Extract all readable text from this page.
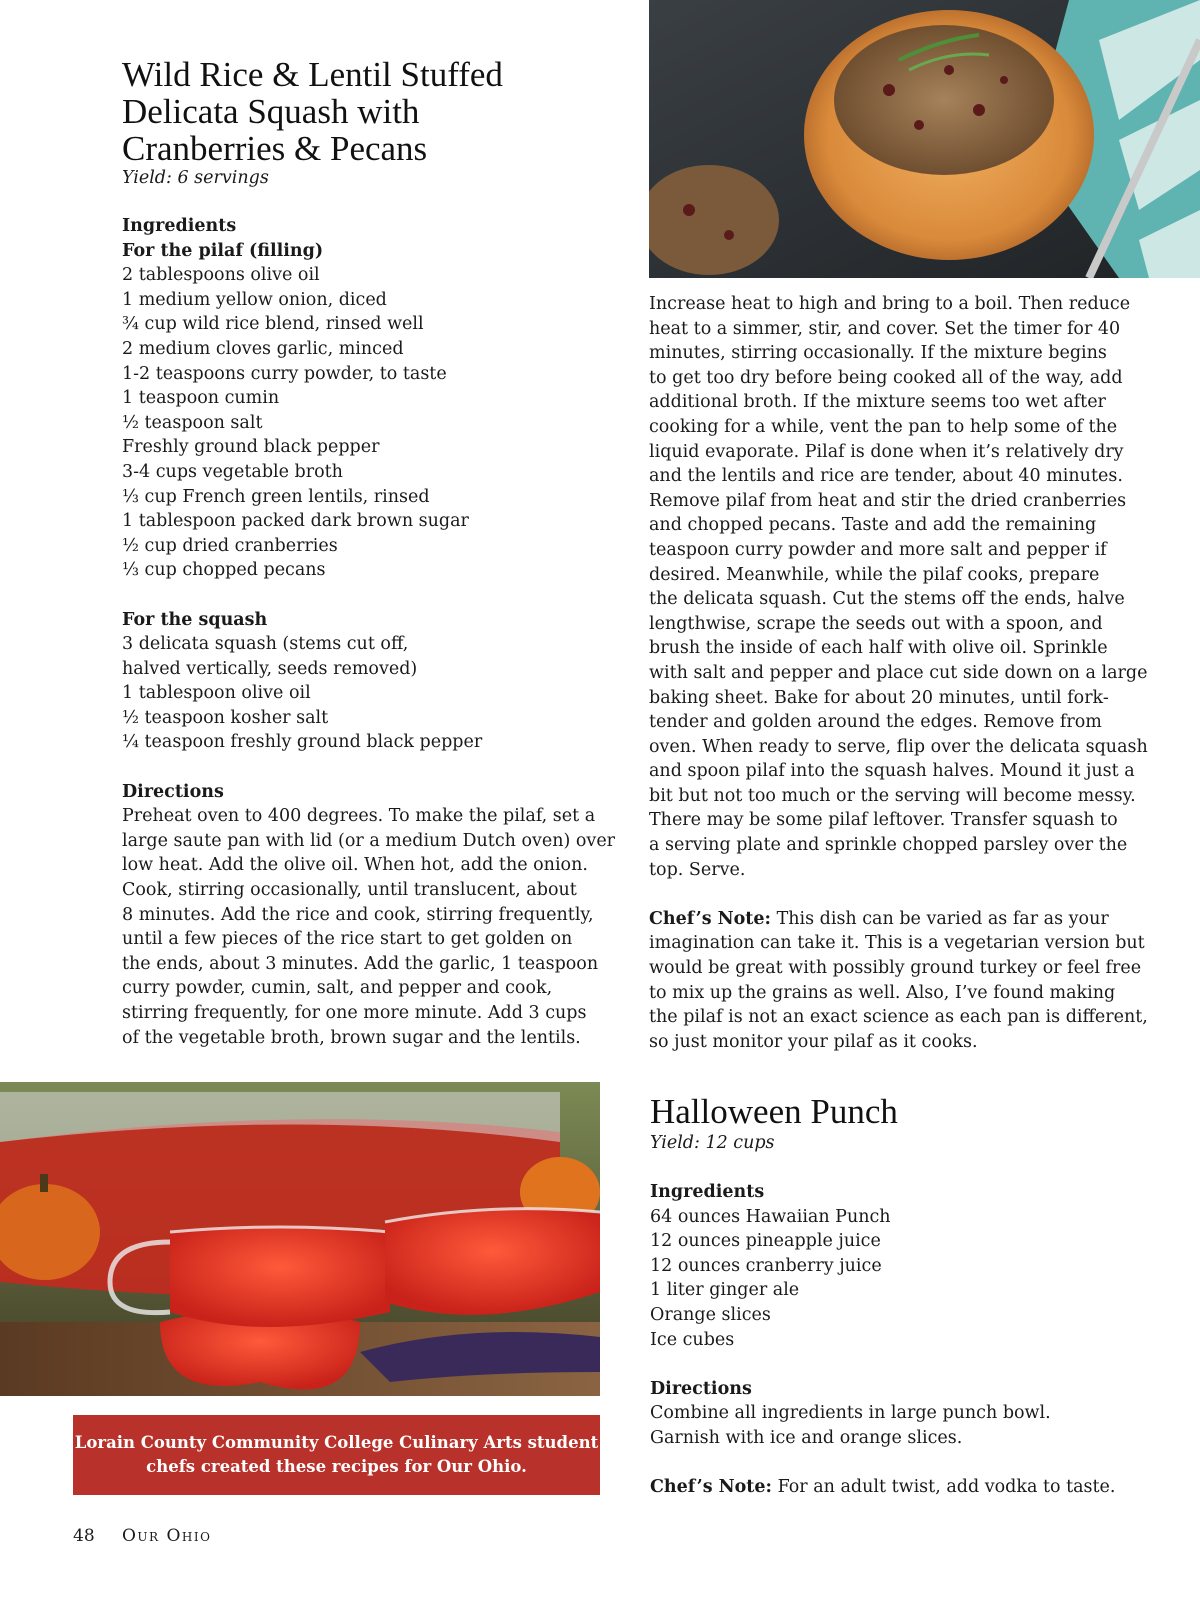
Wild Rice & Lentil Stuffed
Delicata Squash with
Cranberries & Pecans
Yield: 6 servings
Ingredients
For the pilaf (filling)
2 tablespoons olive oil
1 medium yellow onion, diced
¾ cup wild rice blend, rinsed well
2 medium cloves garlic, minced
1-2 teaspoons curry powder, to taste
1 teaspoon cumin
½ teaspoon salt
Freshly ground black pepper
3-4 cups vegetable broth
⅓ cup French green lentils, rinsed
1 tablespoon packed dark brown sugar
½ cup dried cranberries
⅓ cup chopped pecans
For the squash
3 delicata squash (stems cut off,
halved vertically, seeds removed)
1 tablespoon olive oil
½ teaspoon kosher salt
¼ teaspoon freshly ground black pepper
Directions
Preheat oven to 400 degrees. To make the pilaf, set a
large saute pan with lid (or a medium Dutch oven) over
low heat. Add the olive oil. When hot, add the onion.
Cook, stirring occasionally, until translucent, about
8 minutes. Add the rice and cook, stirring frequently,
until a few pieces of the rice start to get golden on
the ends, about 3 minutes. Add the garlic, 1 teaspoon
curry powder, cumin, salt, and pepper and cook,
stirring frequently, for one more minute. Add 3 cups
of the vegetable broth, brown sugar and the lentils.
Increase heat to high and bring to a boil. Then reduce
heat to a simmer, stir, and cover. Set the timer for 40
minutes, stirring occasionally. If the mixture begins
to get too dry before being cooked all of the way, add
additional broth. If the mixture seems too wet after
cooking for a while, vent the pan to help some of the
liquid evaporate. Pilaf is done when it’s relatively dry
and the lentils and rice are tender, about 40 minutes.
Remove pilaf from heat and stir the dried cranberries
and chopped pecans. Taste and add the remaining
teaspoon curry powder and more salt and pepper if
desired. Meanwhile, while the pilaf cooks, prepare
the delicata squash. Cut the stems off the ends, halve
lengthwise, scrape the seeds out with a spoon, and
brush the inside of each half with olive oil. Sprinkle
with salt and pepper and place cut side down on a large
baking sheet. Bake for about 20 minutes, until fork-
tender and golden around the edges. Remove from
oven. When ready to serve, flip over the delicata squash
and spoon pilaf into the squash halves. Mound it just a
bit but not too much or the serving will become messy.
There may be some pilaf leftover. Transfer squash to
a serving plate and sprinkle chopped parsley over the
top. Serve.
Chef’s Note: This dish can be varied as far as your
imagination can take it. This is a vegetarian version but
would be great with possibly ground turkey or feel free
to mix up the grains as well. Also, I’ve found making
the pilaf is not an exact science as each pan is different,
so just monitor your pilaf as it cooks.
Lorain County Community College Culinary Arts student
chefs created these recipes for Our Ohio.
Halloween Punch
Yield: 12 cups
Ingredients
64 ounces Hawaiian Punch
12 ounces pineapple juice
12 ounces cranberry juice
1 liter ginger ale
Orange slices
Ice cubes
Directions
Combine all ingredients in large punch bowl.
Garnish with ice and orange slices.
Chef’s Note: For an adult twist, add vodka to taste.
48 Our Ohio
